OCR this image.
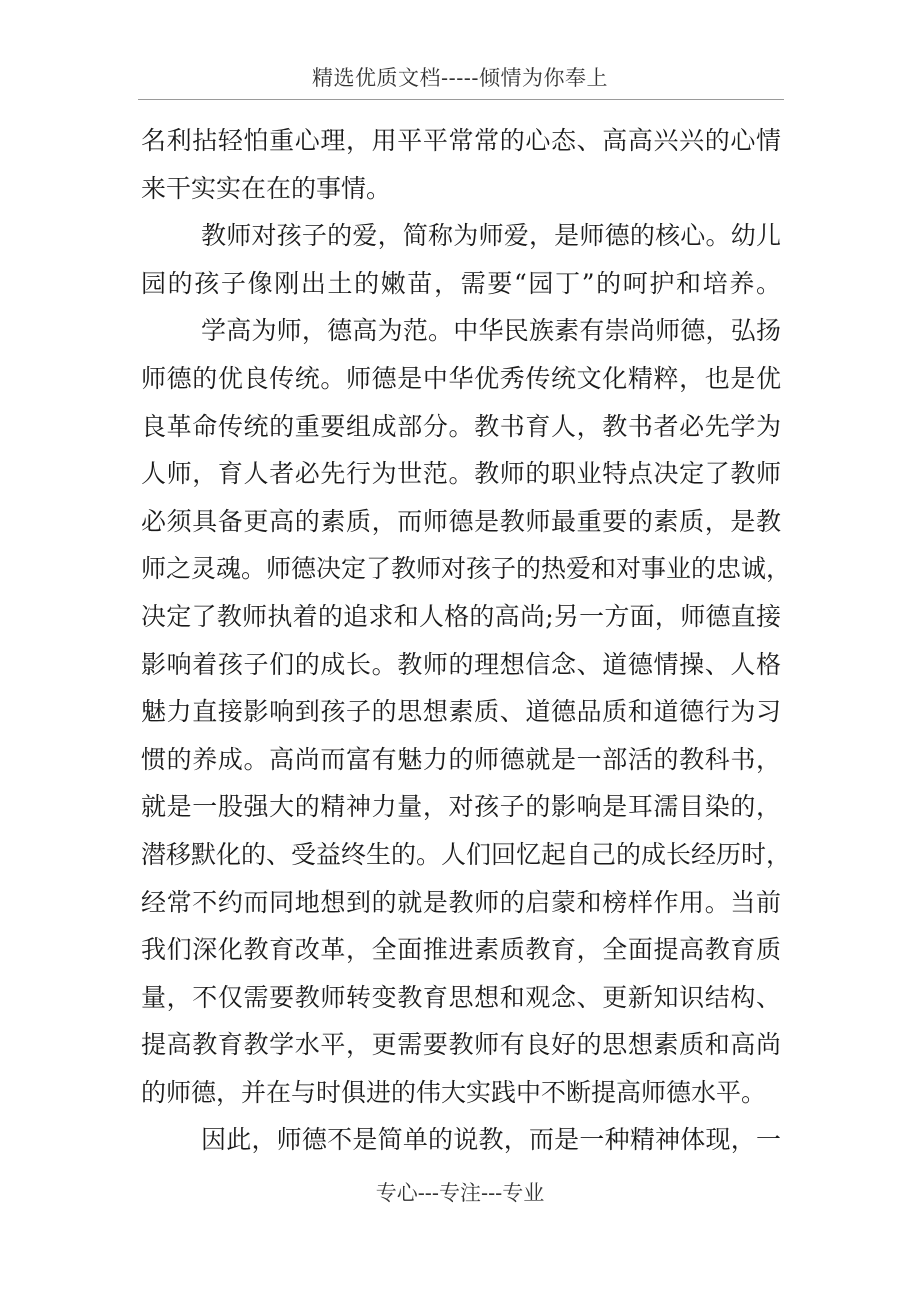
精选优质文档-----倾情为你奉上
名利拈轻怕重心理，用平平常常的心态、高高兴兴的心情
来干实实在在的事情。
教师对孩子的爱，简称为师爱，是师德的核心。幼儿
园的孩子像刚出土的嫩苗，需要“园丁”的呵护和培养。
学高为师，德高为范。中华民族素有崇尚师德，弘扬
师德的优良传统。师德是中华优秀传统文化精粹，也是优
良革命传统的重要组成部分。教书育人，教书者必先学为
人师，育人者必先行为世范。教师的职业特点决定了教师
必须具备更高的素质，而师德是教师最重要的素质，是教
师之灵魂。师德决定了教师对孩子的热爱和对事业的忠诚，
决定了教师执着的追求和人格的高尚;另一方面，师德直接
影响着孩子们的成长。教师的理想信念、道德情操、人格
魅力直接影响到孩子的思想素质、道德品质和道德行为习
惯的养成。高尚而富有魅力的师德就是一部活的教科书，
就是一股强大的精神力量，对孩子的影响是耳濡目染的，
潜移默化的、受益终生的。人们回忆起自己的成长经历时，
经常不约而同地想到的就是教师的启蒙和榜样作用。当前
我们深化教育改革，全面推进素质教育，全面提高教育质
量，不仅需要教师转变教育思想和观念、更新知识结构、
提高教育教学水平，更需要教师有良好的思想素质和高尚
的师德，并在与时俱进的伟大实践中不断提高师德水平。
因此，师德不是简单的说教，而是一种精神体现，一
专心---专注---专业
